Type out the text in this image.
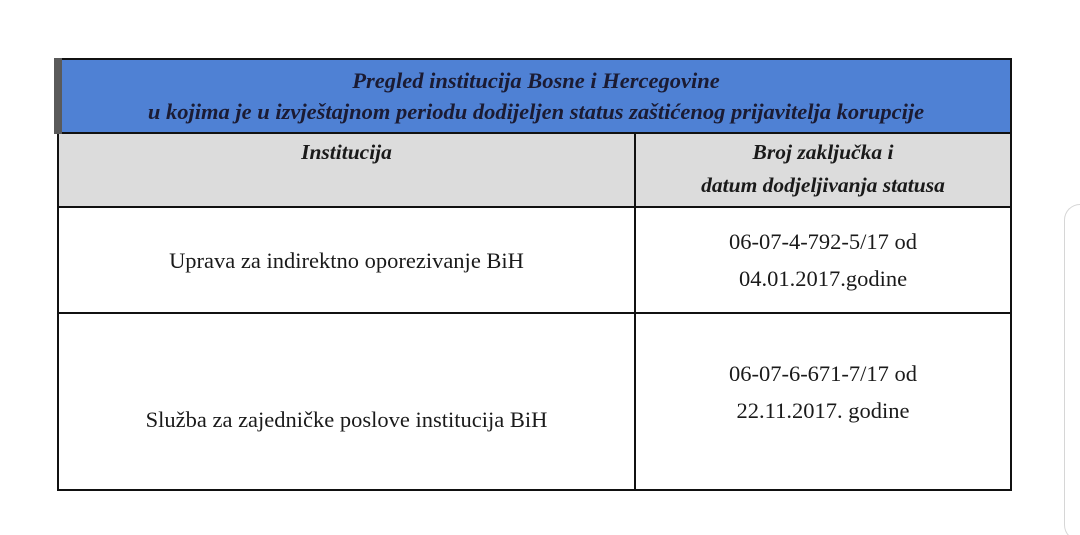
Pregled institucija Bosne i Hercegovine
u kojima je u izvještajnom periodu dodijeljen status zaštićenog prijavitelja korupcije	

Institucija	Broj zaključka i
datum dodjeljivanja statusa

Uprava za indirektno oporezivanje BiH	06-07-4-792-5/17 od
04.01.2017.godine

Služba za zajedničke poslove institucija BiH	06-07-6-671-7/17 od
22.11.2017. godine
